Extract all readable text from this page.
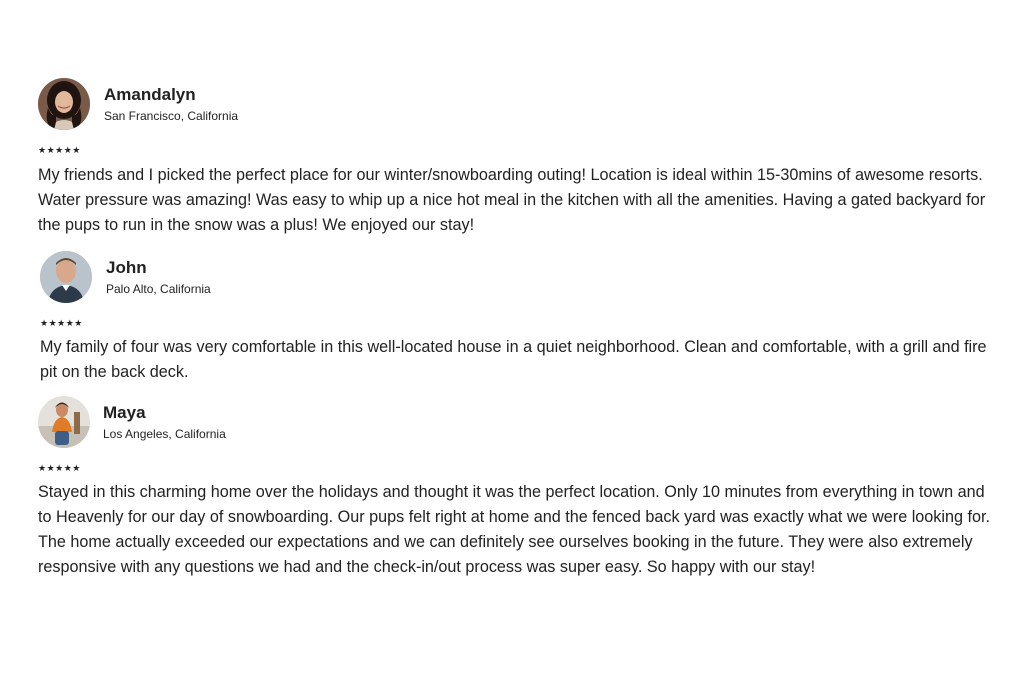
Amandalyn
San Francisco, California
★★★★★
My friends and I picked the perfect place for our winter/snowboarding outing! Location is ideal within 15-30mins of awesome resorts. Water pressure was amazing! Was easy to whip up a nice hot meal in the kitchen with all the amenities. Having a gated backyard for the pups to run in the snow was a plus! We enjoyed our stay!
John
Palo Alto, California
★★★★★
My family of four was very comfortable in this well-located house in a quiet neighborhood. Clean and comfortable, with a grill and fire pit on the back deck.
Maya
Los Angeles, California
★★★★★
Stayed in this charming home over the holidays and thought it was the perfect location. Only 10 minutes from everything in town and to Heavenly for our day of snowboarding. Our pups felt right at home and the fenced back yard was exactly what we were looking for. The home actually exceeded our expectations and we can definitely see ourselves booking in the future. They were also extremely responsive with any questions we had and the check-in/out process was super easy. So happy with our stay!
